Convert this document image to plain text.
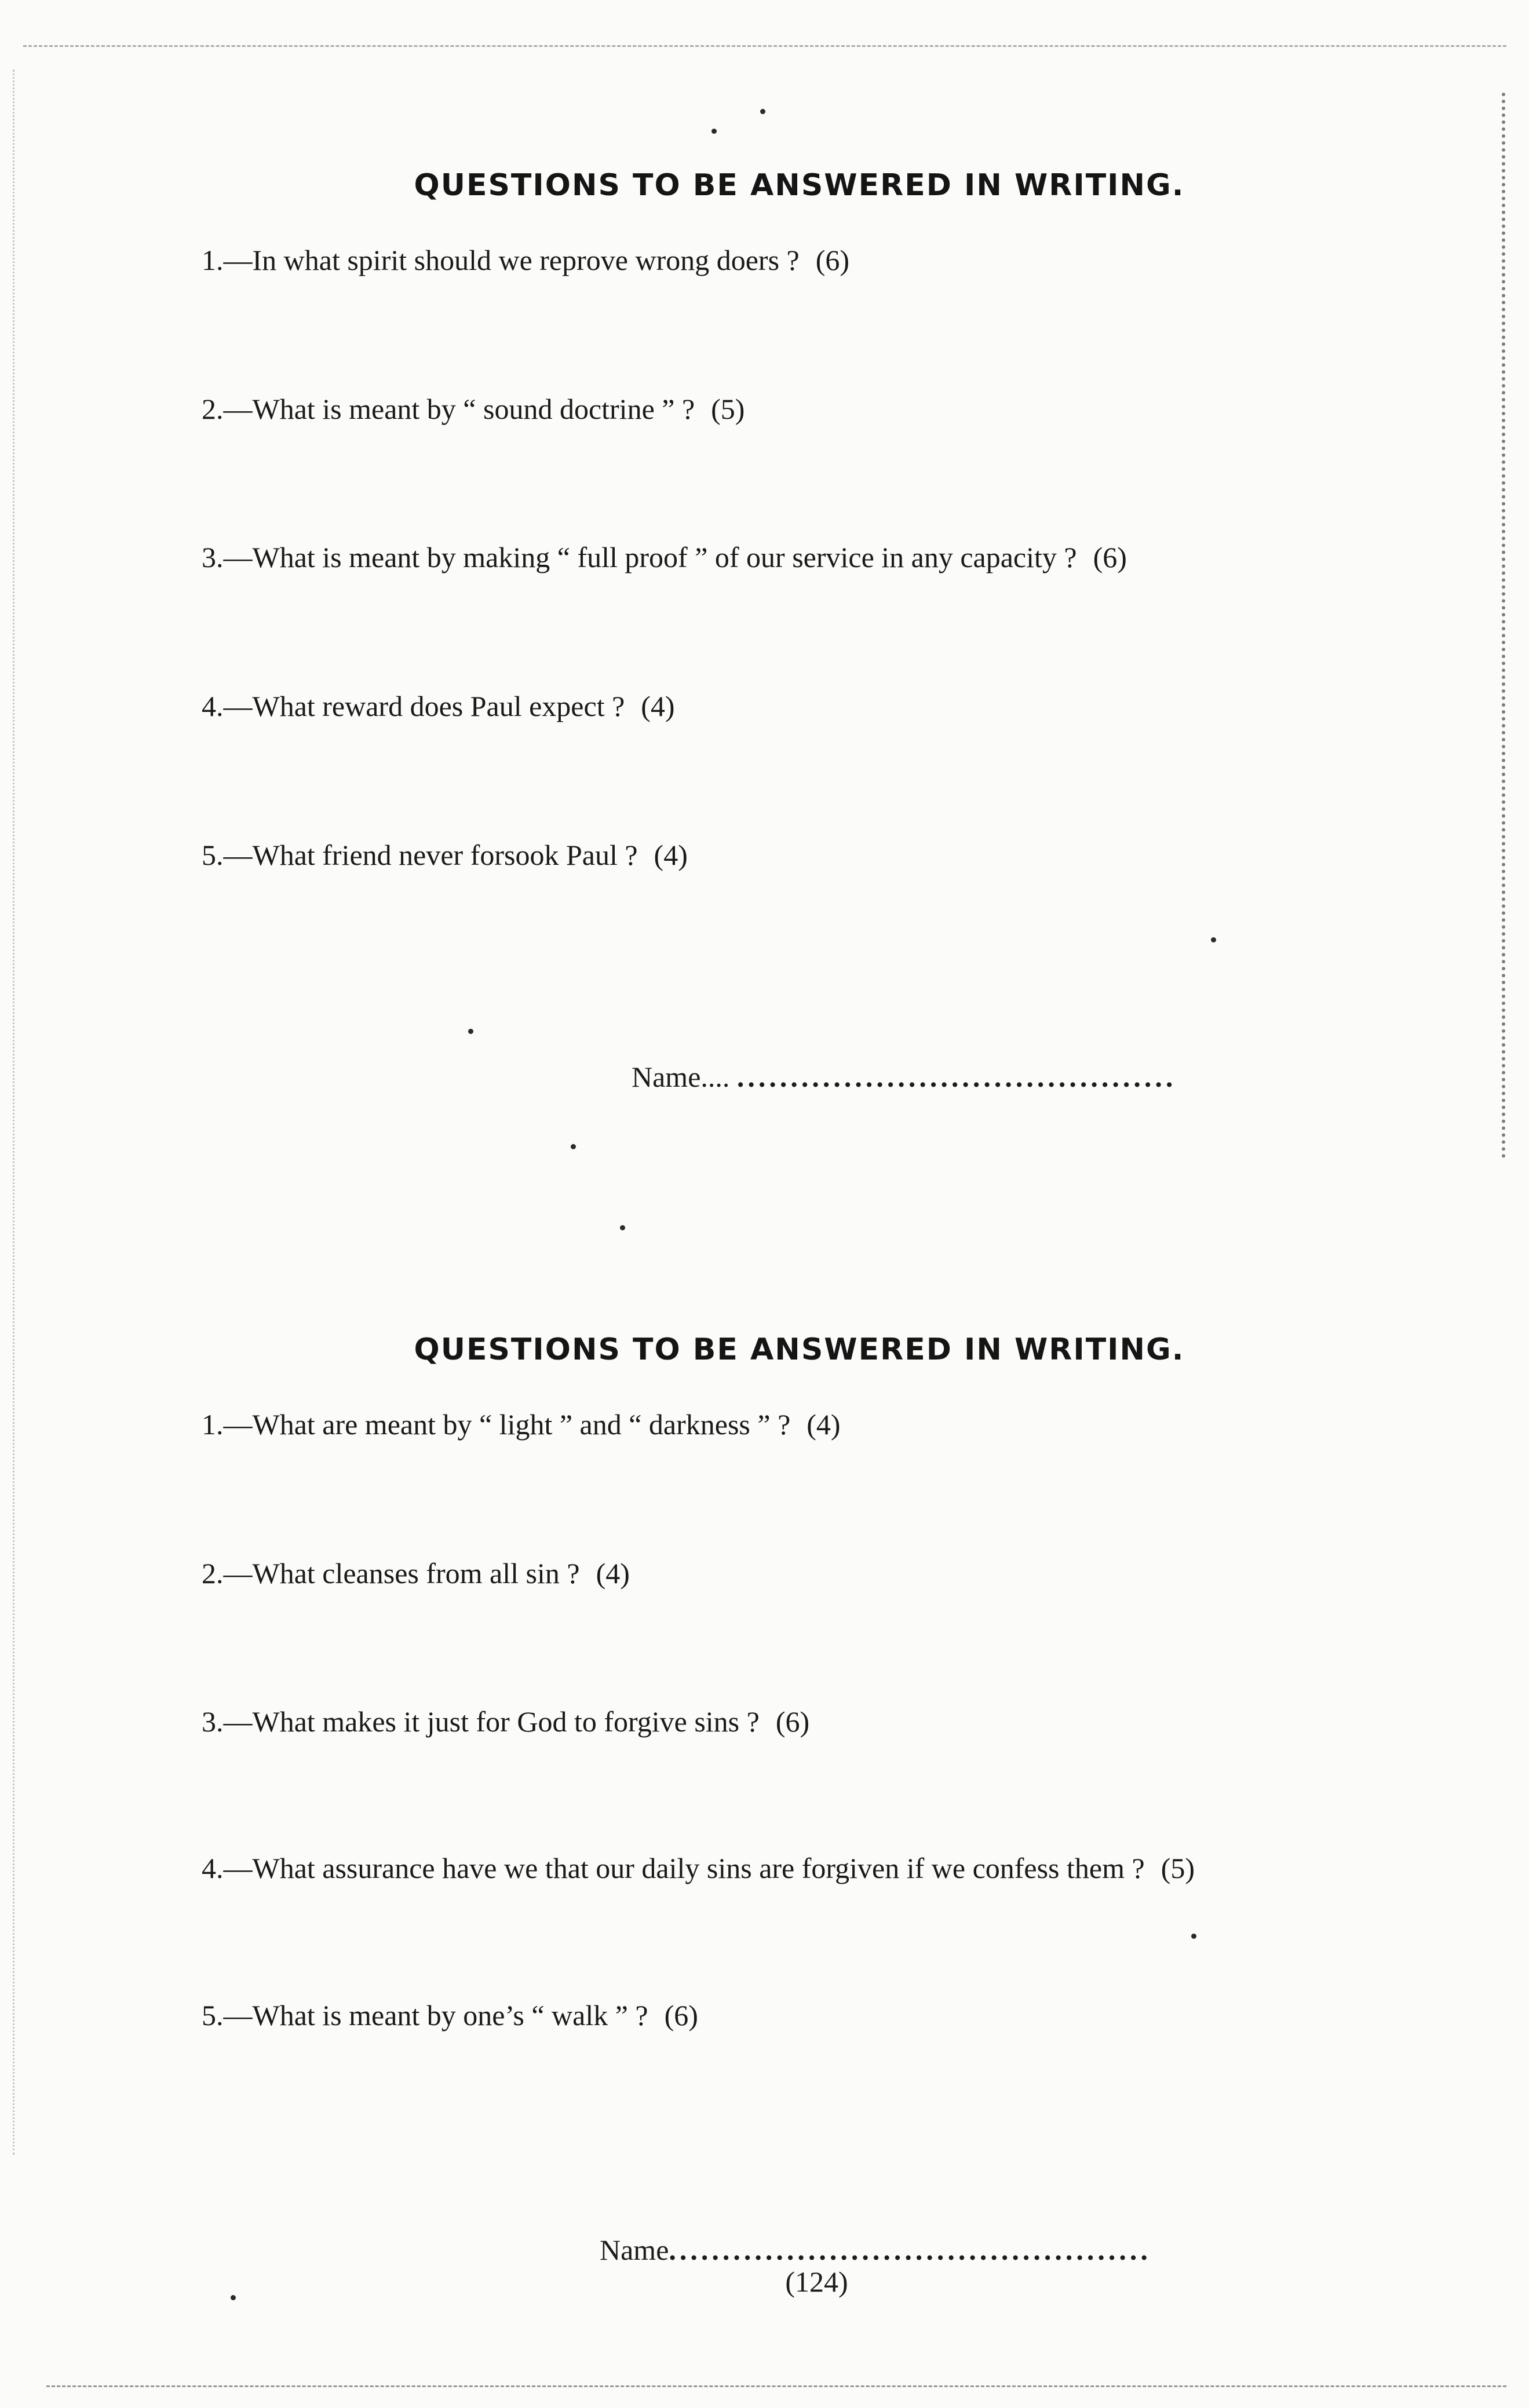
QUESTIONS TO BE ANSWERED IN WRITING.
1.—In what spirit should we reprove wrong doers ? (6)
2.—What is meant by “ sound doctrine ” ? (5)
3.—What is meant by making “ full proof ” of our service in any capacity ? (6)
4.—What reward does Paul expect ? (4)
5.—What friend never forsook Paul ? (4)
Name.... .........................................
QUESTIONS TO BE ANSWERED IN WRITING.
1.—What are meant by “ light ” and “ darkness ” ? (4)
2.—What cleanses from all sin ? (4)
3.—What makes it just for God to forgive sins ? (6)
4.—What assurance have we that our daily sins are forgiven if we confess them ? (5)
5.—What is meant by one’s “ walk ” ? (6)
Name.............................................
(124)
